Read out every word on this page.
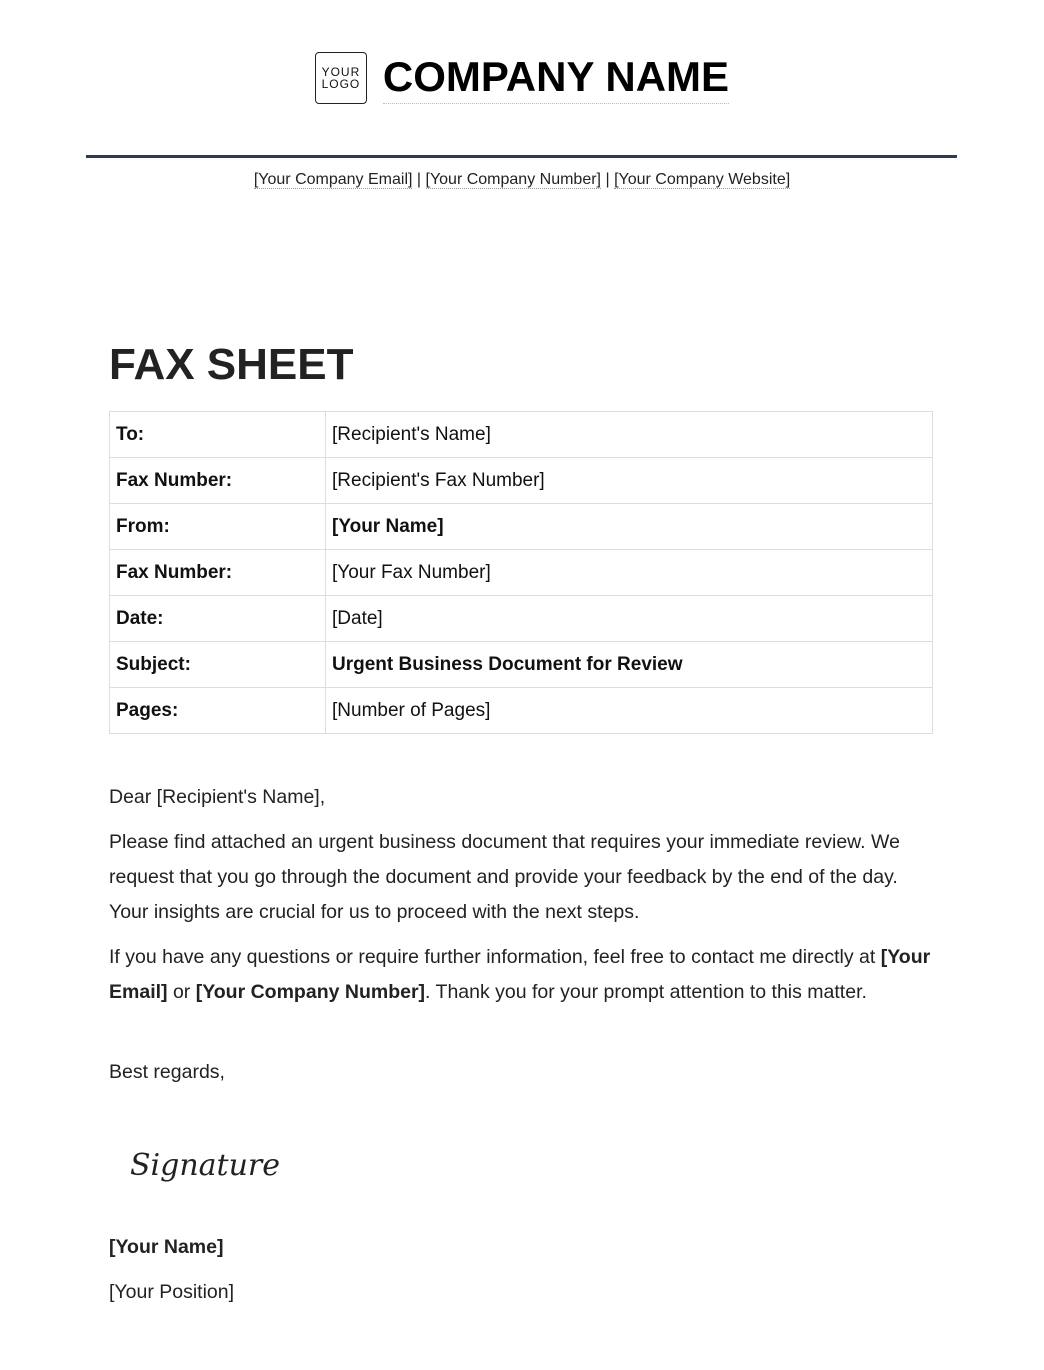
YOUR
LOGO COMPANY NAME
[Your Company Email] | [Your Company Number] | [Your Company Website]
FAX SHEET
To:	[Recipient's Name]
Fax Number:	[Recipient's Fax Number]
From:	[Your Name]
Fax Number:	[Your Fax Number]
Date:	[Date]
Subject:	Urgent Business Document for Review
Pages:	[Number of Pages]

Dear [Recipient's Name],

Please find attached an urgent business document that requires your immediate review. We request that you go through the document and provide your feedback by the end of the day. Your insights are crucial for us to proceed with the next steps.

If you have any questions or require further information, feel free to contact me directly at [Your Email] or [Your Company Number]. Thank you for your prompt attention to this matter.

Best regards,

Signature
[Your Name]
[Your Position]
